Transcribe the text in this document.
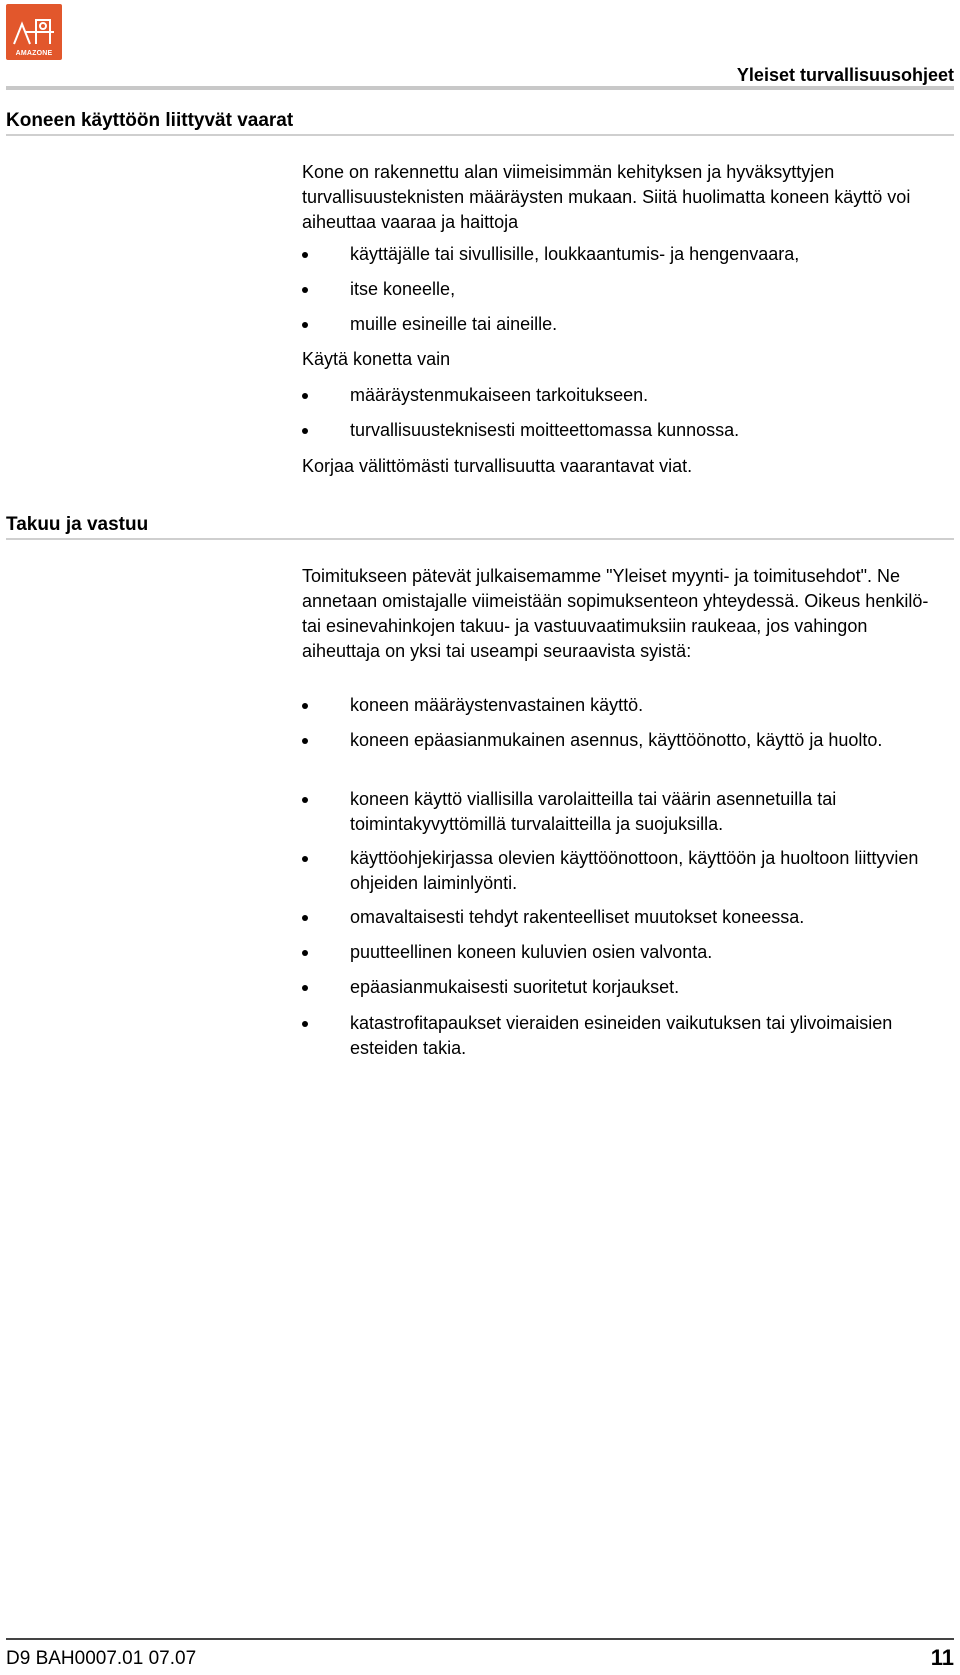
AMAZONE
Yleiset turvallisuusohjeet
Koneen käyttöön liittyvät vaarat
Kone on rakennettu alan viimeisimmän kehityksen ja hyväksyttyjen turvallisuusteknisten määräysten mukaan. Siitä huolimatta koneen käyttö voi aiheuttaa vaaraa ja haittoja
käyttäjälle tai sivullisille, loukkaantumis- ja hengenvaara,
itse koneelle,
muille esineille tai aineille.
Käytä konetta vain
määräystenmukaiseen tarkoitukseen.
turvallisuusteknisesti moitteettomassa kunnossa.
Korjaa välittömästi turvallisuutta vaarantavat viat.
Takuu ja vastuu
Toimitukseen pätevät julkaisemamme "Yleiset myynti- ja toimitusehdot". Ne annetaan omistajalle viimeistään sopimuksenteon yhteydessä. Oikeus henkilö- tai esinevahinkojen takuu- ja vastuuvaatimuksiin raukeaa, jos vahingon aiheuttaja on yksi tai useampi seuraavista syistä:
koneen määräystenvastainen käyttö.
koneen epäasianmukainen asennus, käyttöönotto, käyttö ja huolto.
koneen käyttö viallisilla varolaitteilla tai väärin asennetuilla tai toimintakyvyttömillä turvalaitteilla ja suojuksilla.
käyttöohjekirjassa olevien käyttöönottoon, käyttöön ja huoltoon liittyvien ohjeiden laiminlyönti.
omavaltaisesti tehdyt rakenteelliset muutokset koneessa.
puutteellinen koneen kuluvien osien valvonta.
epäasianmukaisesti suoritetut korjaukset.
katastrofitapaukset vieraiden esineiden vaikutuksen tai ylivoimaisien esteiden takia.
D9 BAH0007.01 07.07	11
